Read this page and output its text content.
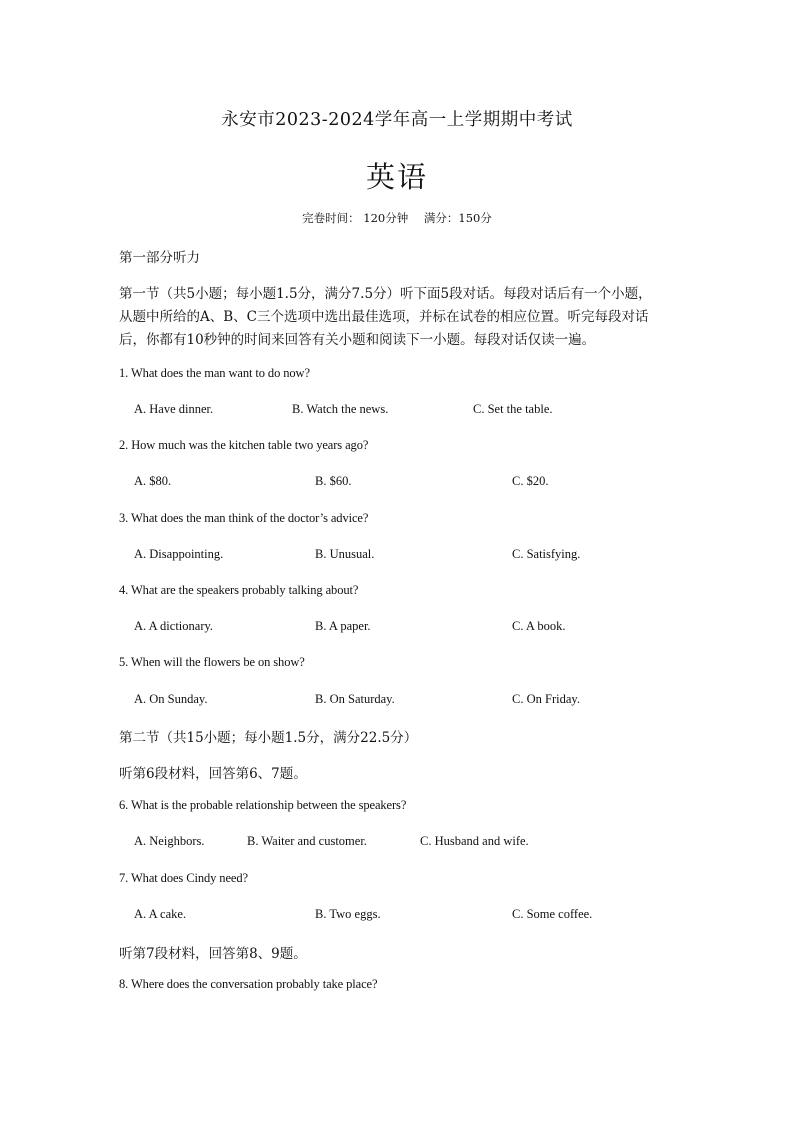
永安市2023-2024学年高一上学期期中考试
英语
完卷时间： 120分钟 满分：150分
第一部分听力
第一节（共5小题；每小题1.5分，满分7.5分）听下面5段对话。每段对话后有一个小题，
从题中所给的A、B、C三个选项中选出最佳选项，并标在试卷的相应位置。听完每段对话
后，你都有10秒钟的时间来回答有关小题和阅读下一小题。每段对话仅读一遍。
1. What does the man want to do now?
A. Have dinner.	B. Watch the news.	C. Set the table.
2. How much was the kitchen table two years ago?
A. $80.	B. $60.	C. $20.
3. What does the man think of the doctor’s advice?
A. Disappointing.	B. Unusual.	C. Satisfying.
4. What are the speakers probably talking about?
A. A dictionary.	B. A paper.	C. A book.
5. When will the flowers be on show?
A. On Sunday.	B. On Saturday.	C. On Friday.
第二节（共15小题；每小题1.5分，满分22.5分）
听第6段材料，回答第6、7题。
6. What is the probable relationship between the speakers?
A. Neighbors.	B. Waiter and customer.	C. Husband and wife.
7. What does Cindy need?
A. A cake.	B. Two eggs.	C. Some coffee.
听第7段材料，回答第8、9题。
8. Where does the conversation probably take place?
